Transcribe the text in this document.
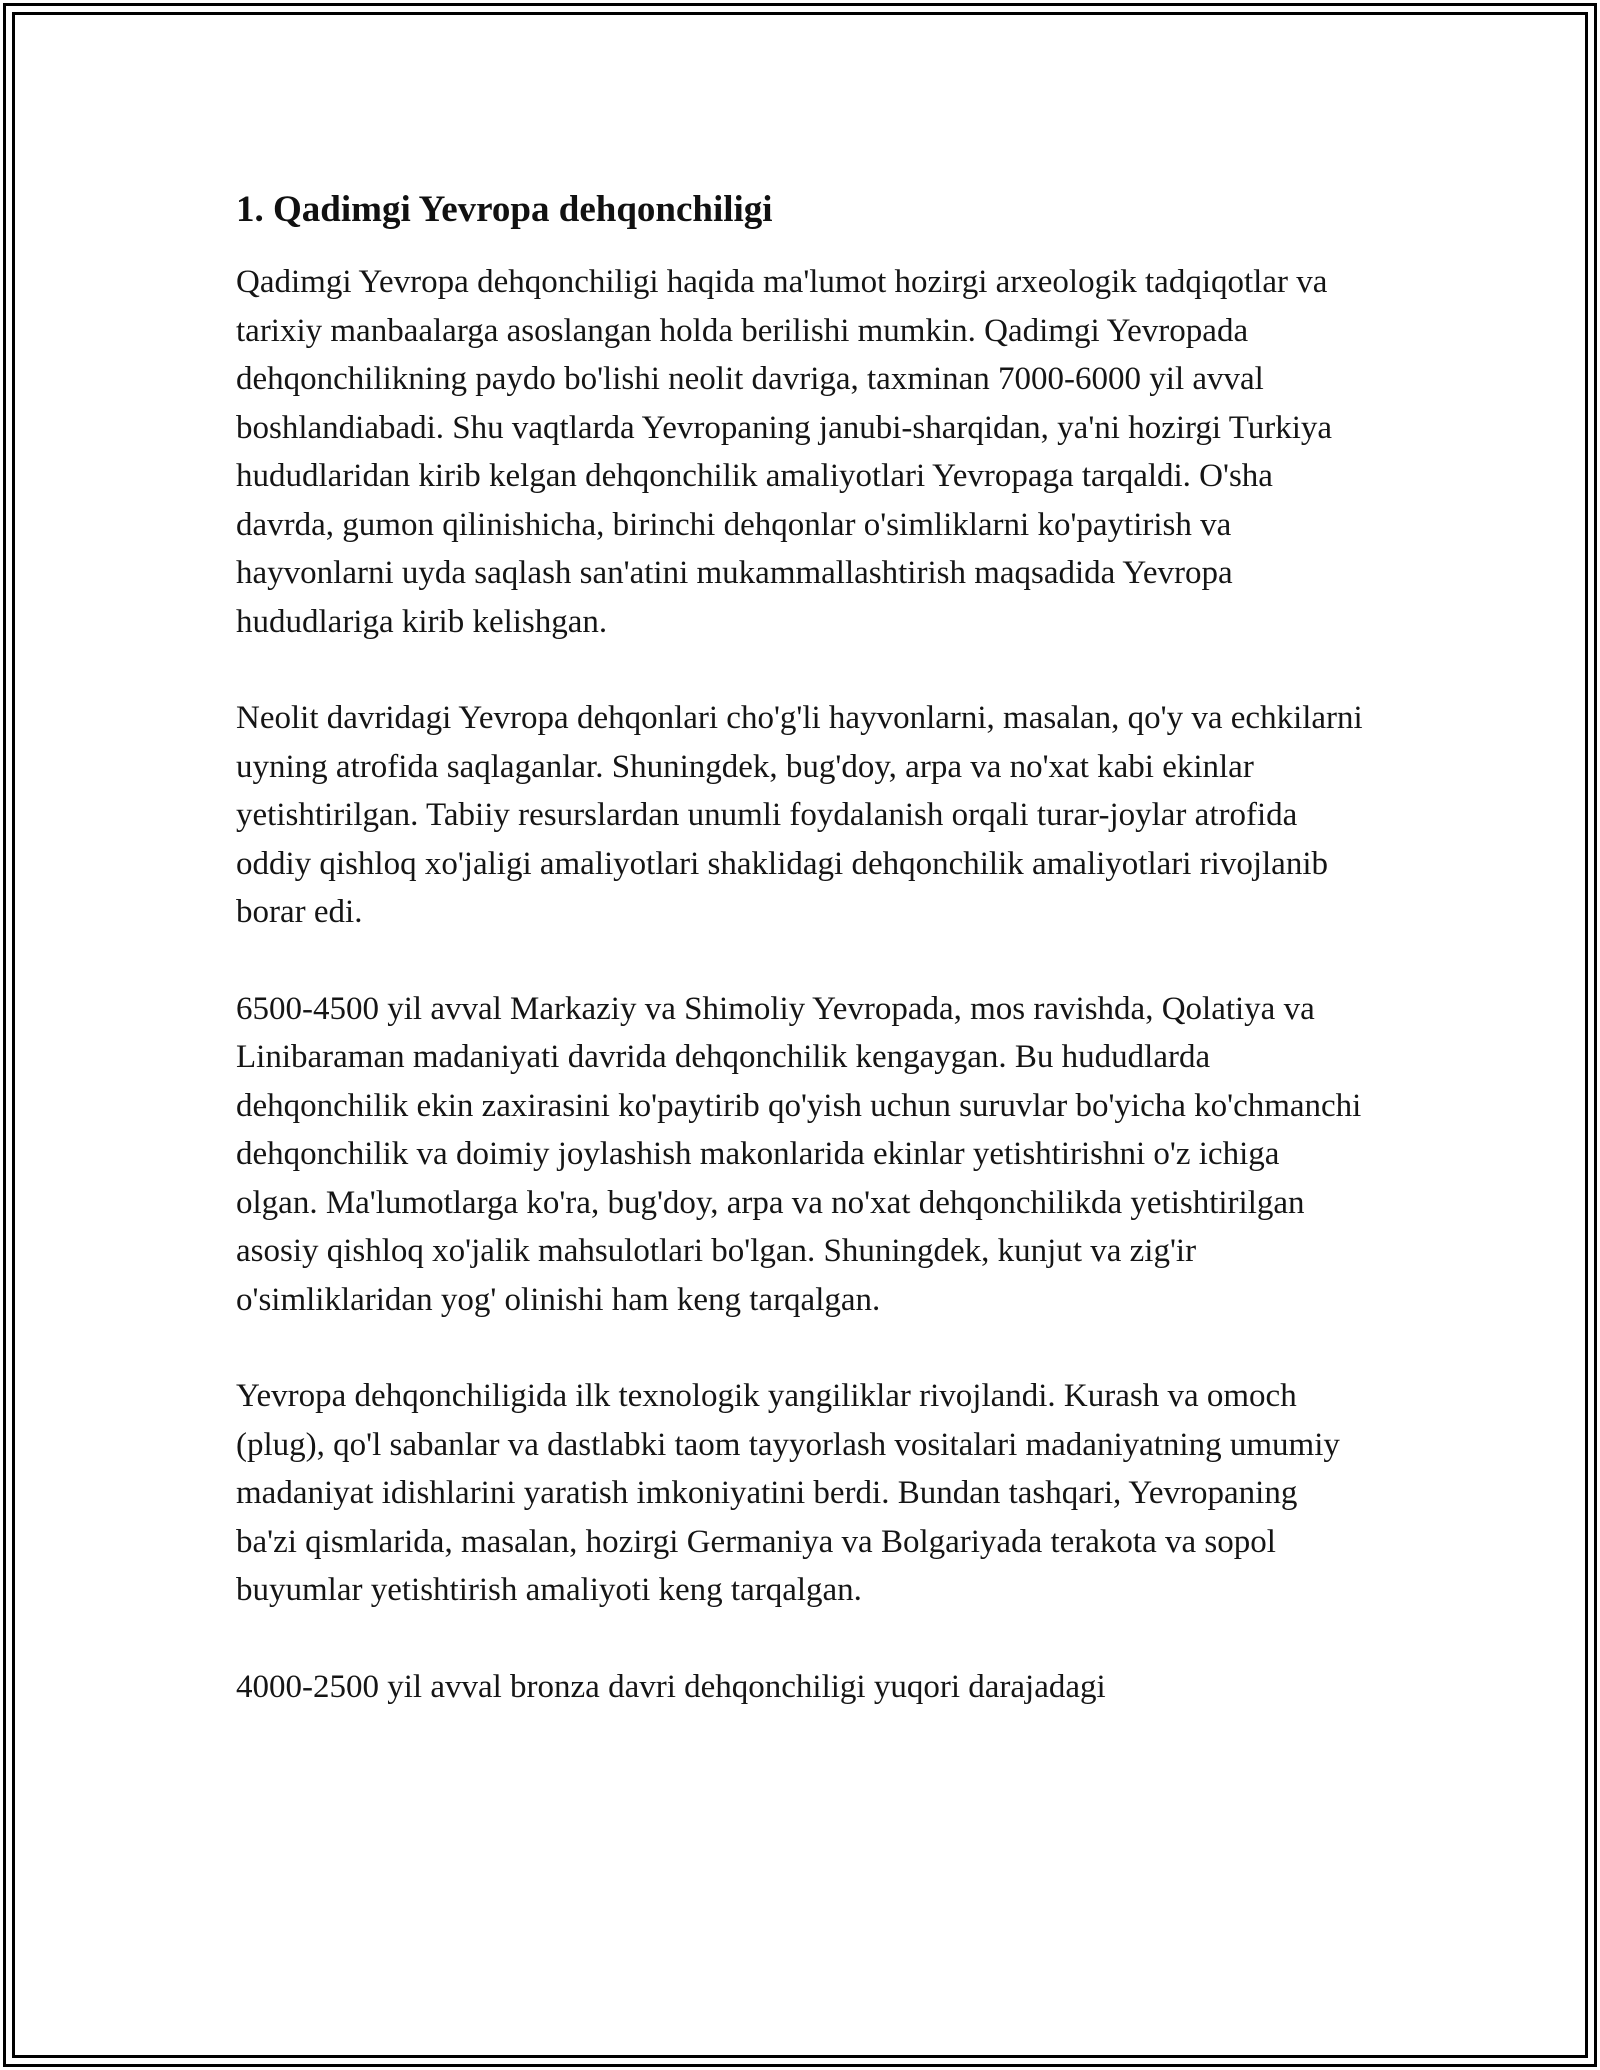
1. Qadimgi Yevropa dehqonchiligi

Qadimgi Yevropa dehqonchiligi haqida ma'lumot hozirgi arxeologik tadqiqotlar va tarixiy manbaalarga asoslangan holda berilishi mumkin. Qadimgi Yevropada dehqonchilikning paydo bo'lishi neolit davriga, taxminan 7000-6000 yil avval boshlandiabadi. Shu vaqtlarda Yevropaning janubi-sharqidan, ya'ni hozirgi Turkiya hududlaridan kirib kelgan dehqonchilik amaliyotlari Yevropaga tarqaldi. O'sha davrda, gumon qilinishicha, birinchi dehqonlar o'simliklarni ko'paytirish va hayvonlarni uyda saqlash san'atini mukammallashtirish maqsadida Yevropa hududlariga kirib kelishgan.

Neolit davridagi Yevropa dehqonlari cho'g'li hayvonlarni, masalan, qo'y va echkilarni uyning atrofida saqlaganlar. Shuningdek, bug'doy, arpa va no'xat kabi ekinlar yetishtirilgan. Tabiiy resurslardan unumli foydalanish orqali turar-joylar atrofida oddiy qishloq xo'jaligi amaliyotlari shaklidagi dehqonchilik amaliyotlari rivojlanib borar edi.

6500-4500 yil avval Markaziy va Shimoliy Yevropada, mos ravishda, Qolatiya va Linibaraman madaniyati davrida dehqonchilik kengaygan. Bu hududlarda dehqonchilik ekin zaxirasini ko'paytirib qo'yish uchun suruvlar bo'yicha ko'chmanchi dehqonchilik va doimiy joylashish makonlarida ekinlar yetishtirishni o'z ichiga olgan. Ma'lumotlarga ko'ra, bug'doy, arpa va no'xat dehqonchilikda yetishtirilgan asosiy qishloq xo'jalik mahsulotlari bo'lgan. Shuningdek, kunjut va zig'ir o'simliklaridan yog' olinishi ham keng tarqalgan.

Yevropa dehqonchiligida ilk texnologik yangiliklar rivojlandi. Kurash va omoch (plug), qo'l sabanlar va dastlabki taom tayyorlash vositalari madaniyatning umumiy madaniyat idishlarini yaratish imkoniyatini berdi. Bundan tashqari, Yevropaning ba'zi qismlarida, masalan, hozirgi Germaniya va Bolgariyada terakota va sopol buyumlar yetishtirish amaliyoti keng tarqalgan.

4000-2500 yil avval bronza davri dehqonchiligi yuqori darajadagi
